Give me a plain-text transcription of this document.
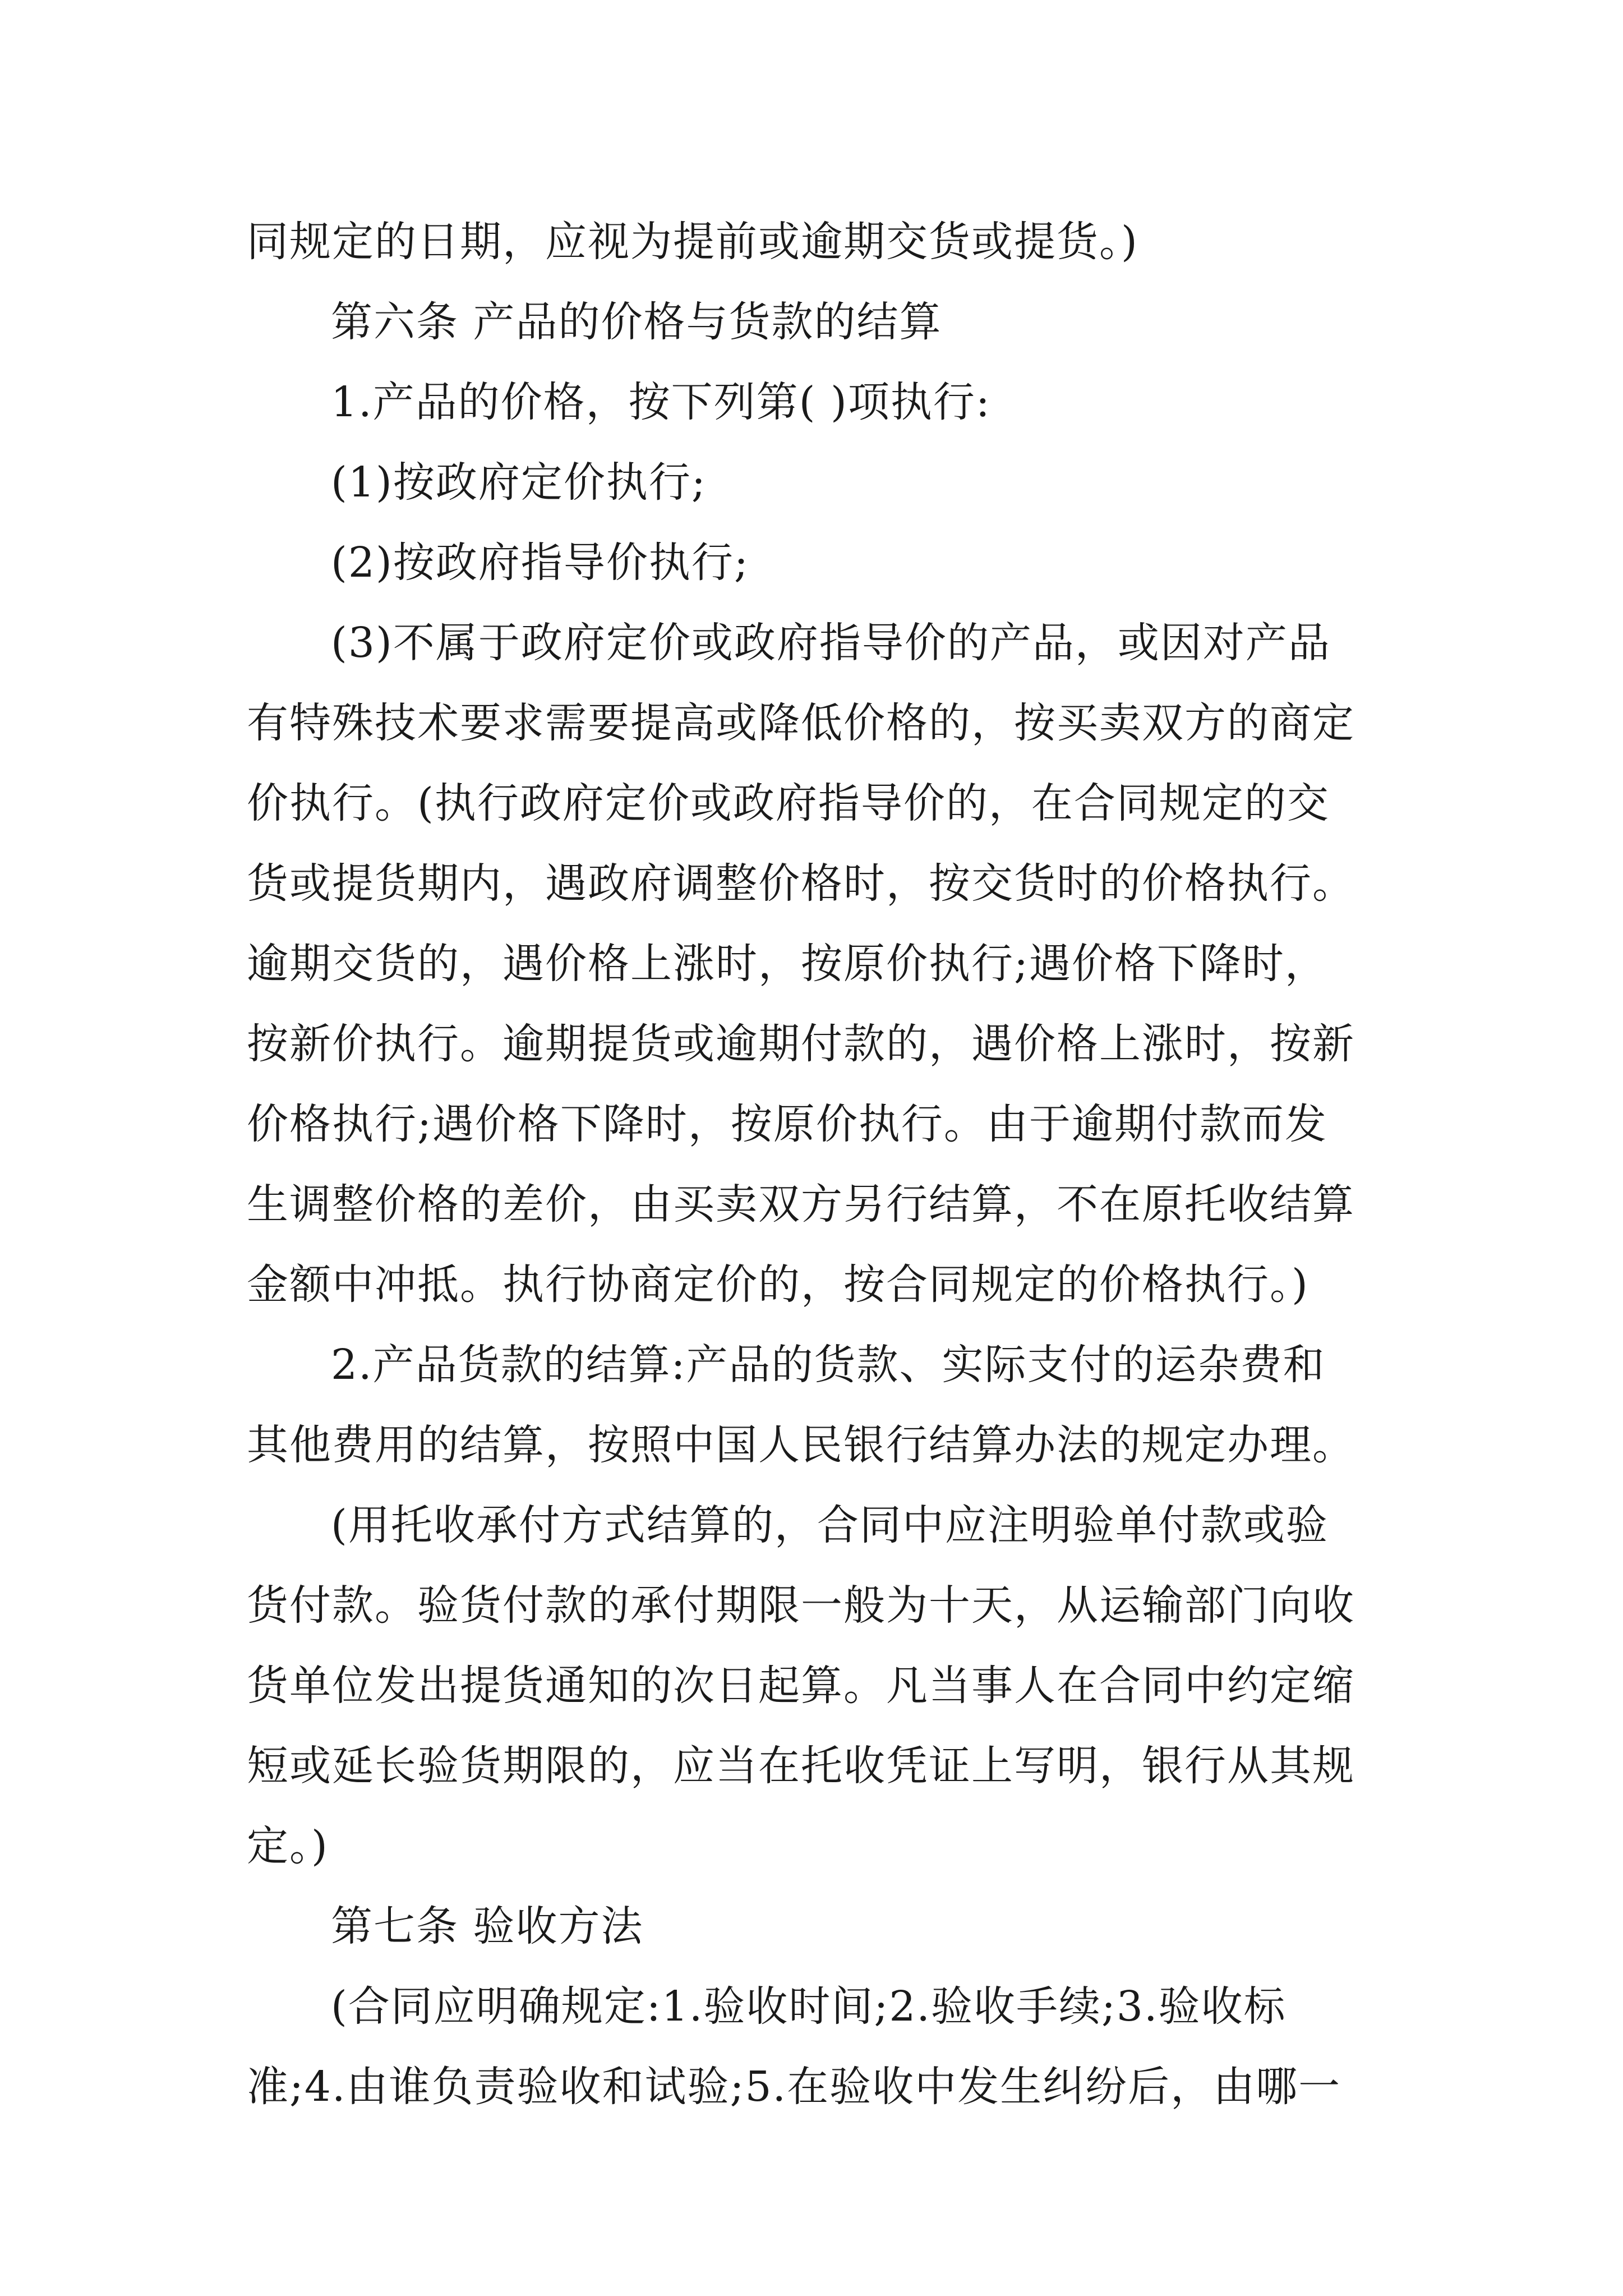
同规定的日期，应视为提前或逾期交货或提货。)
第六条 产品的价格与货款的结算
1.产品的价格，按下列第( )项执行:
(1)按政府定价执行;
(2)按政府指导价执行;
(3)不属于政府定价或政府指导价的产品，或因对产品
有特殊技术要求需要提高或降低价格的，按买卖双方的商定
价执行。(执行政府定价或政府指导价的，在合同规定的交
货或提货期内，遇政府调整价格时，按交货时的价格执行。
逾期交货的，遇价格上涨时，按原价执行;遇价格下降时，
按新价执行。逾期提货或逾期付款的，遇价格上涨时，按新
价格执行;遇价格下降时，按原价执行。由于逾期付款而发
生调整价格的差价，由买卖双方另行结算，不在原托收结算
金额中冲抵。执行协商定价的，按合同规定的价格执行。)
2.产品货款的结算:产品的货款、实际支付的运杂费和
其他费用的结算，按照中国人民银行结算办法的规定办理。
(用托收承付方式结算的，合同中应注明验单付款或验
货付款。验货付款的承付期限一般为十天，从运输部门向收
货单位发出提货通知的次日起算。凡当事人在合同中约定缩
短或延长验货期限的，应当在托收凭证上写明，银行从其规
定。)
第七条 验收方法
(合同应明确规定:1.验收时间;2.验收手续;3.验收标
准;4.由谁负责验收和试验;5.在验收中发生纠纷后，由哪一
